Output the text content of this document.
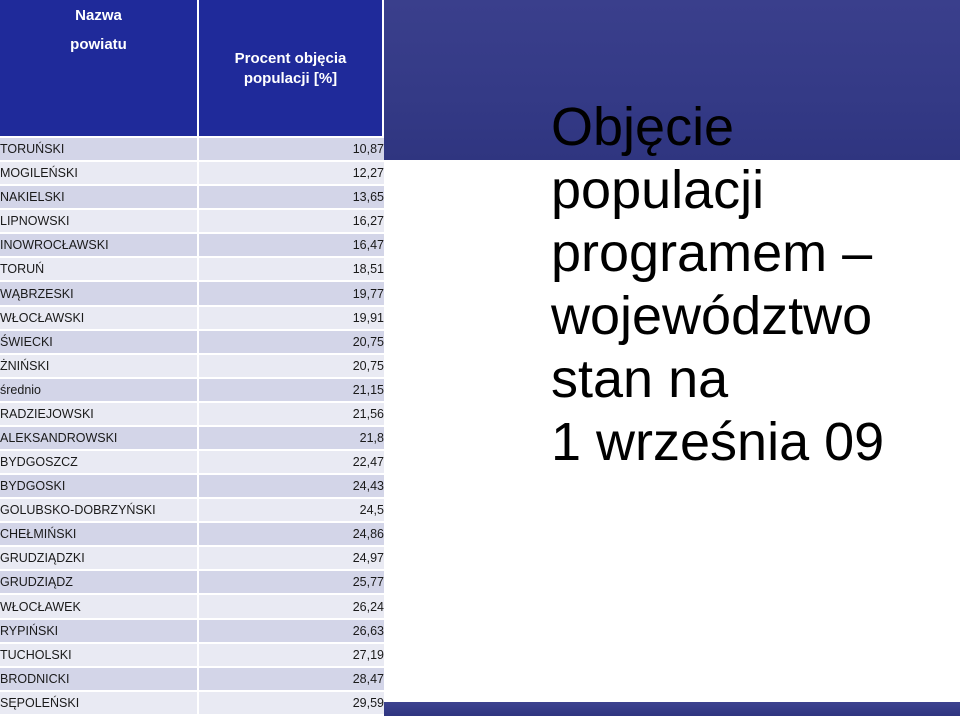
Nazwa
powiatu	Procent objęcia
populacji [%]

TORUŃSKI	10,87
MOGILEŃSKI	12,27
NAKIELSKI	13,65
LIPNOWSKI	16,27
INOWROCŁAWSKI	16,47
TORUŃ	18,51
WĄBRZESKI	19,77
WŁOCŁAWSKI	19,91
ŚWIECKI	20,75
ŻNIŃSKI	20,75
średnio	21,15
RADZIEJOWSKI	21,56
ALEKSANDROWSKI	21,8
BYDGOSZCZ	22,47
BYDGOSKI	24,43
GOLUBSKO-DOBRZYŃSKI	24,5
CHEŁMIŃSKI	24,86
GRUDZIĄDZKI	24,97
GRUDZIĄDZ	25,77
WŁOCŁAWEK	26,24
RYPIŃSKI	26,63
TUCHOLSKI	27,19
BRODNICKI	28,47
SĘPOLEŃSKI	29,59
Objęcie
populacji
programem –
województwo
stan na
1 września 09
